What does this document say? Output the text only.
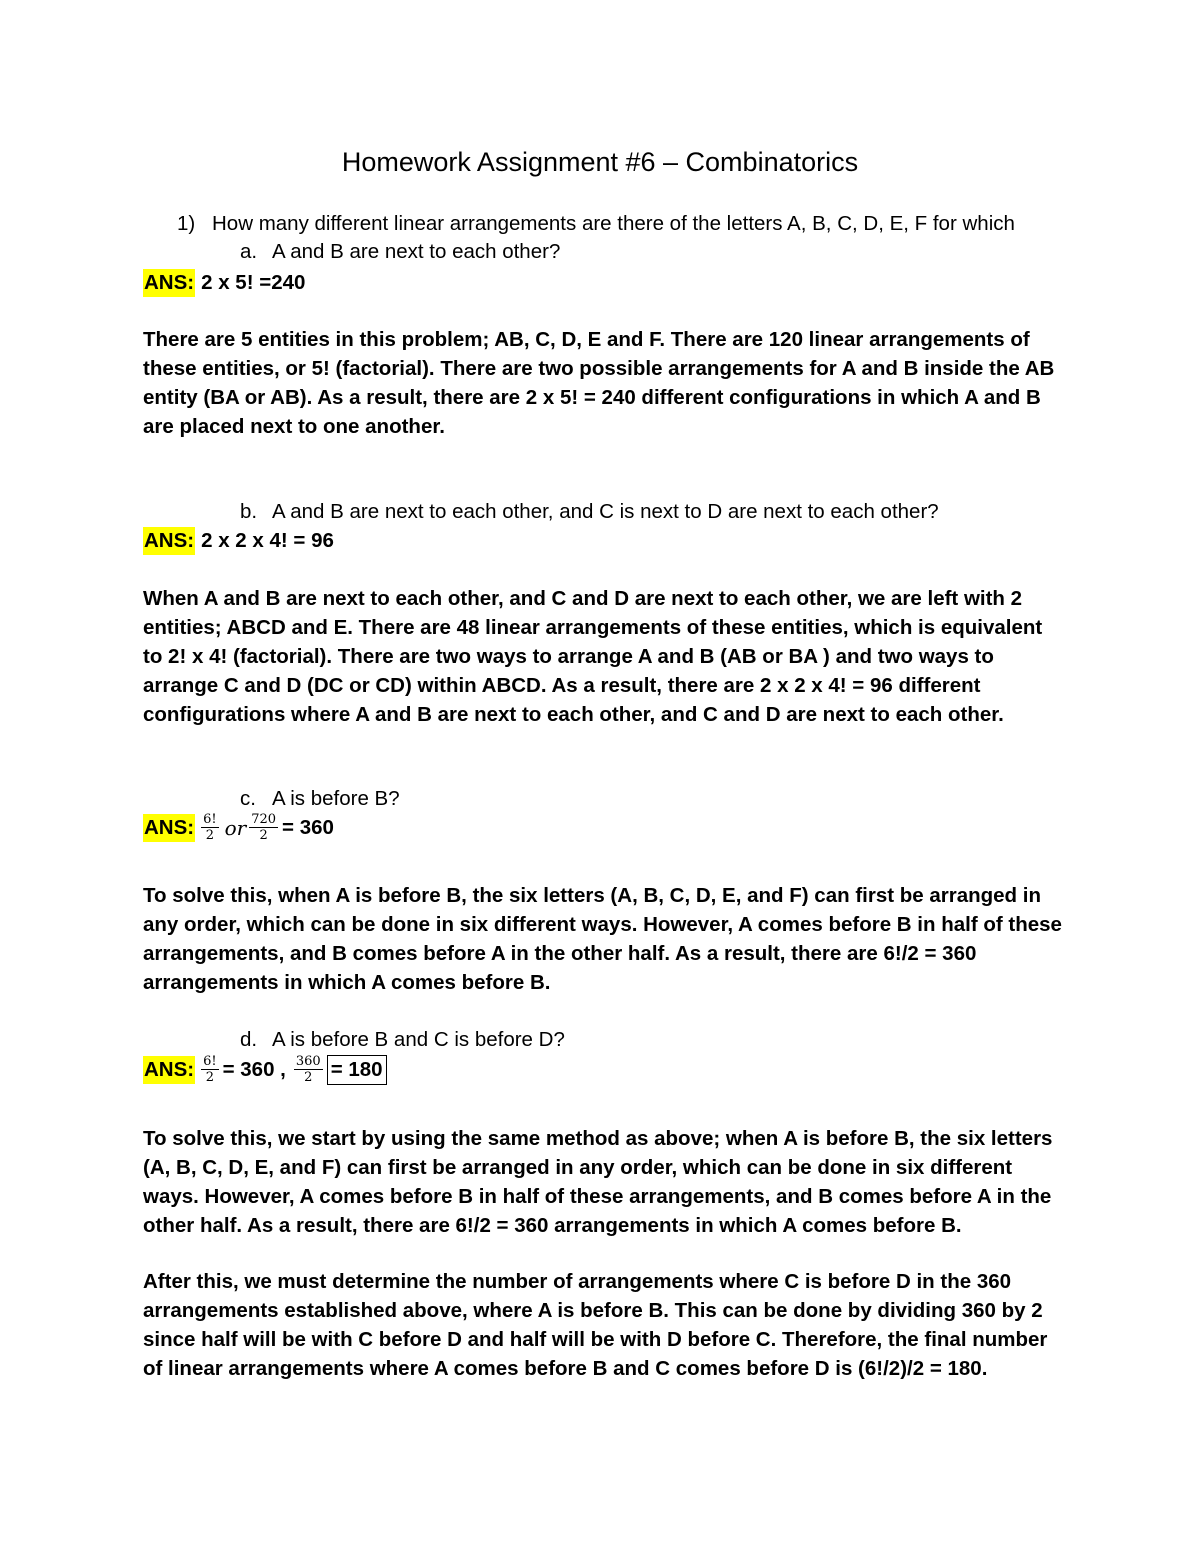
Homework Assignment #6 – Combinatorics
1) How many different linear arrangements are there of the letters A, B, C, D, E, F for which
a. A and B are next to each other?
ANS: 2 x 5! =240

There are 5 entities in this problem; AB, C, D, E and F. There are 120 linear arrangements of these entities, or 5! (factorial). There are two possible arrangements for A and B inside the AB entity (BA or AB). As a result, there are 2 x 5! = 240 different configurations in which A and B are placed next to one another.

b. A and B are next to each other, and C is next to D are next to each other?
ANS: 2 x 2 x 4! = 96

When A and B are next to each other, and C and D are next to each other, we are left with 2 entities; ABCD and E. There are 48 linear arrangements of these entities, which is equivalent to 2! x 4! (factorial). There are two ways to arrange A and B (AB or BA ) and two ways to arrange C and D (DC or CD) within ABCD. As a result, there are 2 x 2 x 4! = 96 different configurations where A and B are next to each other, and C and D are next to each other.

c. A is before B?
ANS: $\frac{6!}{2}$ or $\frac{720}{2} = 360$

To solve this, when A is before B, the six letters (A, B, C, D, E, and F) can first be arranged in any order, which can be done in six different ways. However, A comes before B in half of these arrangements, and B comes before A in the other half. As a result, there are 6!/2 = 360 arrangements in which A comes before B.

d. A is before B and C is before D?
ANS: $\frac{6!}{2} = 360$ , $\frac{360}{2} = 180$

To solve this, we start by using the same method as above; when A is before B, the six letters (A, B, C, D, E, and F) can first be arranged in any order, which can be done in six different ways. However, A comes before B in half of these arrangements, and B comes before A in the other half. As a result, there are 6!/2 = 360 arrangements in which A comes before B.

After this, we must determine the number of arrangements where C is before D in the 360 arrangements established above, where A is before B. This can be done by dividing 360 by 2 since half will be with C before D and half will be with D before C. Therefore, the final number of linear arrangements where A comes before B and C comes before D is (6!/2)/2 = 180.
